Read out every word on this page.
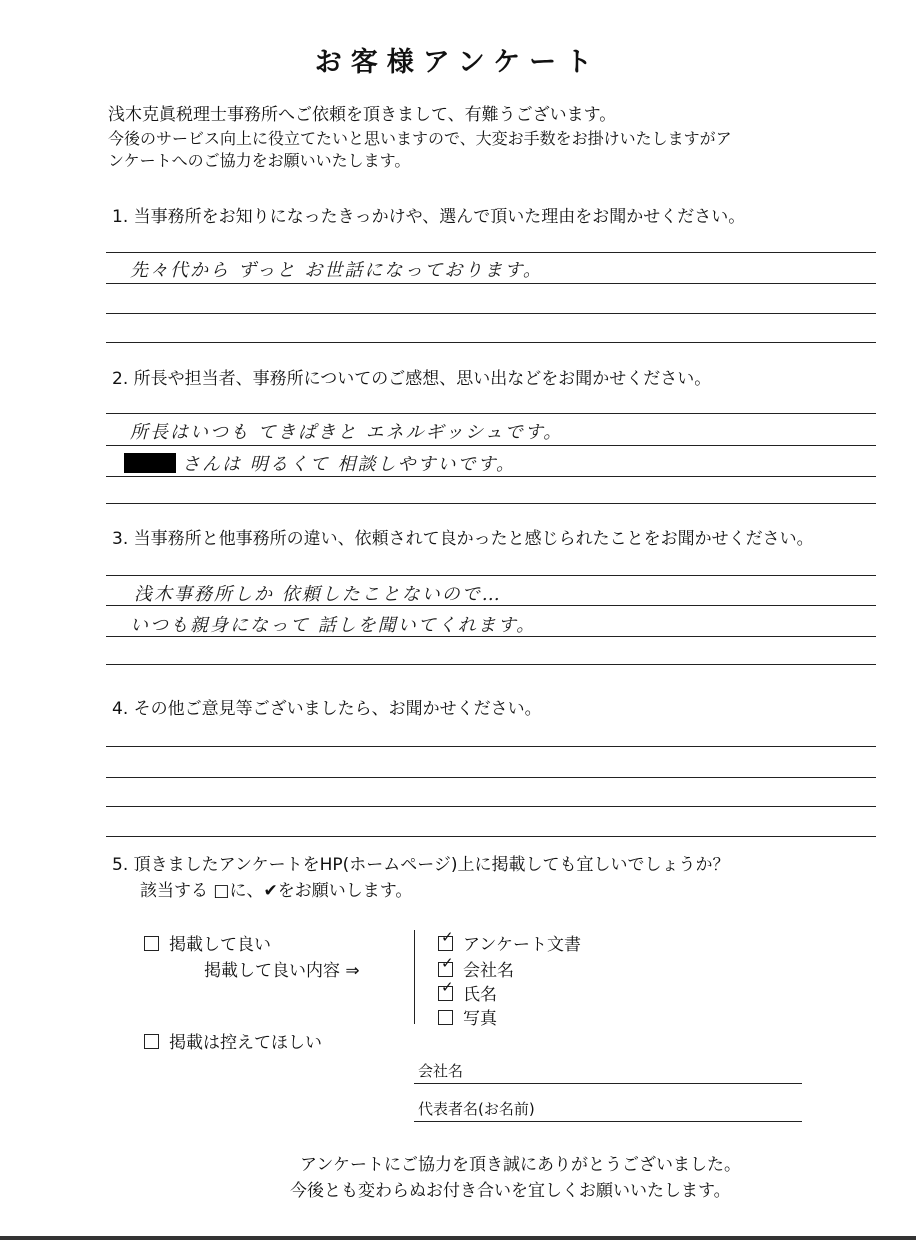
お客様アンケート
浅木克眞税理士事務所へご依頼を頂きまして、有難うございます。
今後のサービス向上に役立てたいと思いますので、大変お手数をお掛けいたしますがア
ンケートへのご協力をお願いいたします。
1. 当事務所をお知りになったきっかけや、選んで頂いた理由をお聞かせください。
先々代から ずっと お世話になっております。
2. 所長や担当者、事務所についてのご感想、思い出などをお聞かせください。
所長はいつも てきぱきと エネルギッシュです。
さんは 明るくて 相談しやすいです。
3. 当事務所と他事務所の違い、依頼されて良かったと感じられたことをお聞かせください。
浅木事務所しか 依頼したことないので…
いつも親身になって 話しを聞いてくれます。
4. その他ご意見等ございましたら、お聞かせください。
5. 頂きましたアンケートをHP(ホームページ)上に掲載しても宜しいでしょうか？
該当する □に、✔をお願いします。
掲載して良い
掲載して良い内容 ⇒
✓ アンケート文書
✓ 会社名
✓ 氏名
写真
掲載は控えてほしい
会社名
代表者名(お名前)
アンケートにご協力を頂き誠にありがとうございました。
今後とも変わらぬお付き合いを宜しくお願いいたします。
